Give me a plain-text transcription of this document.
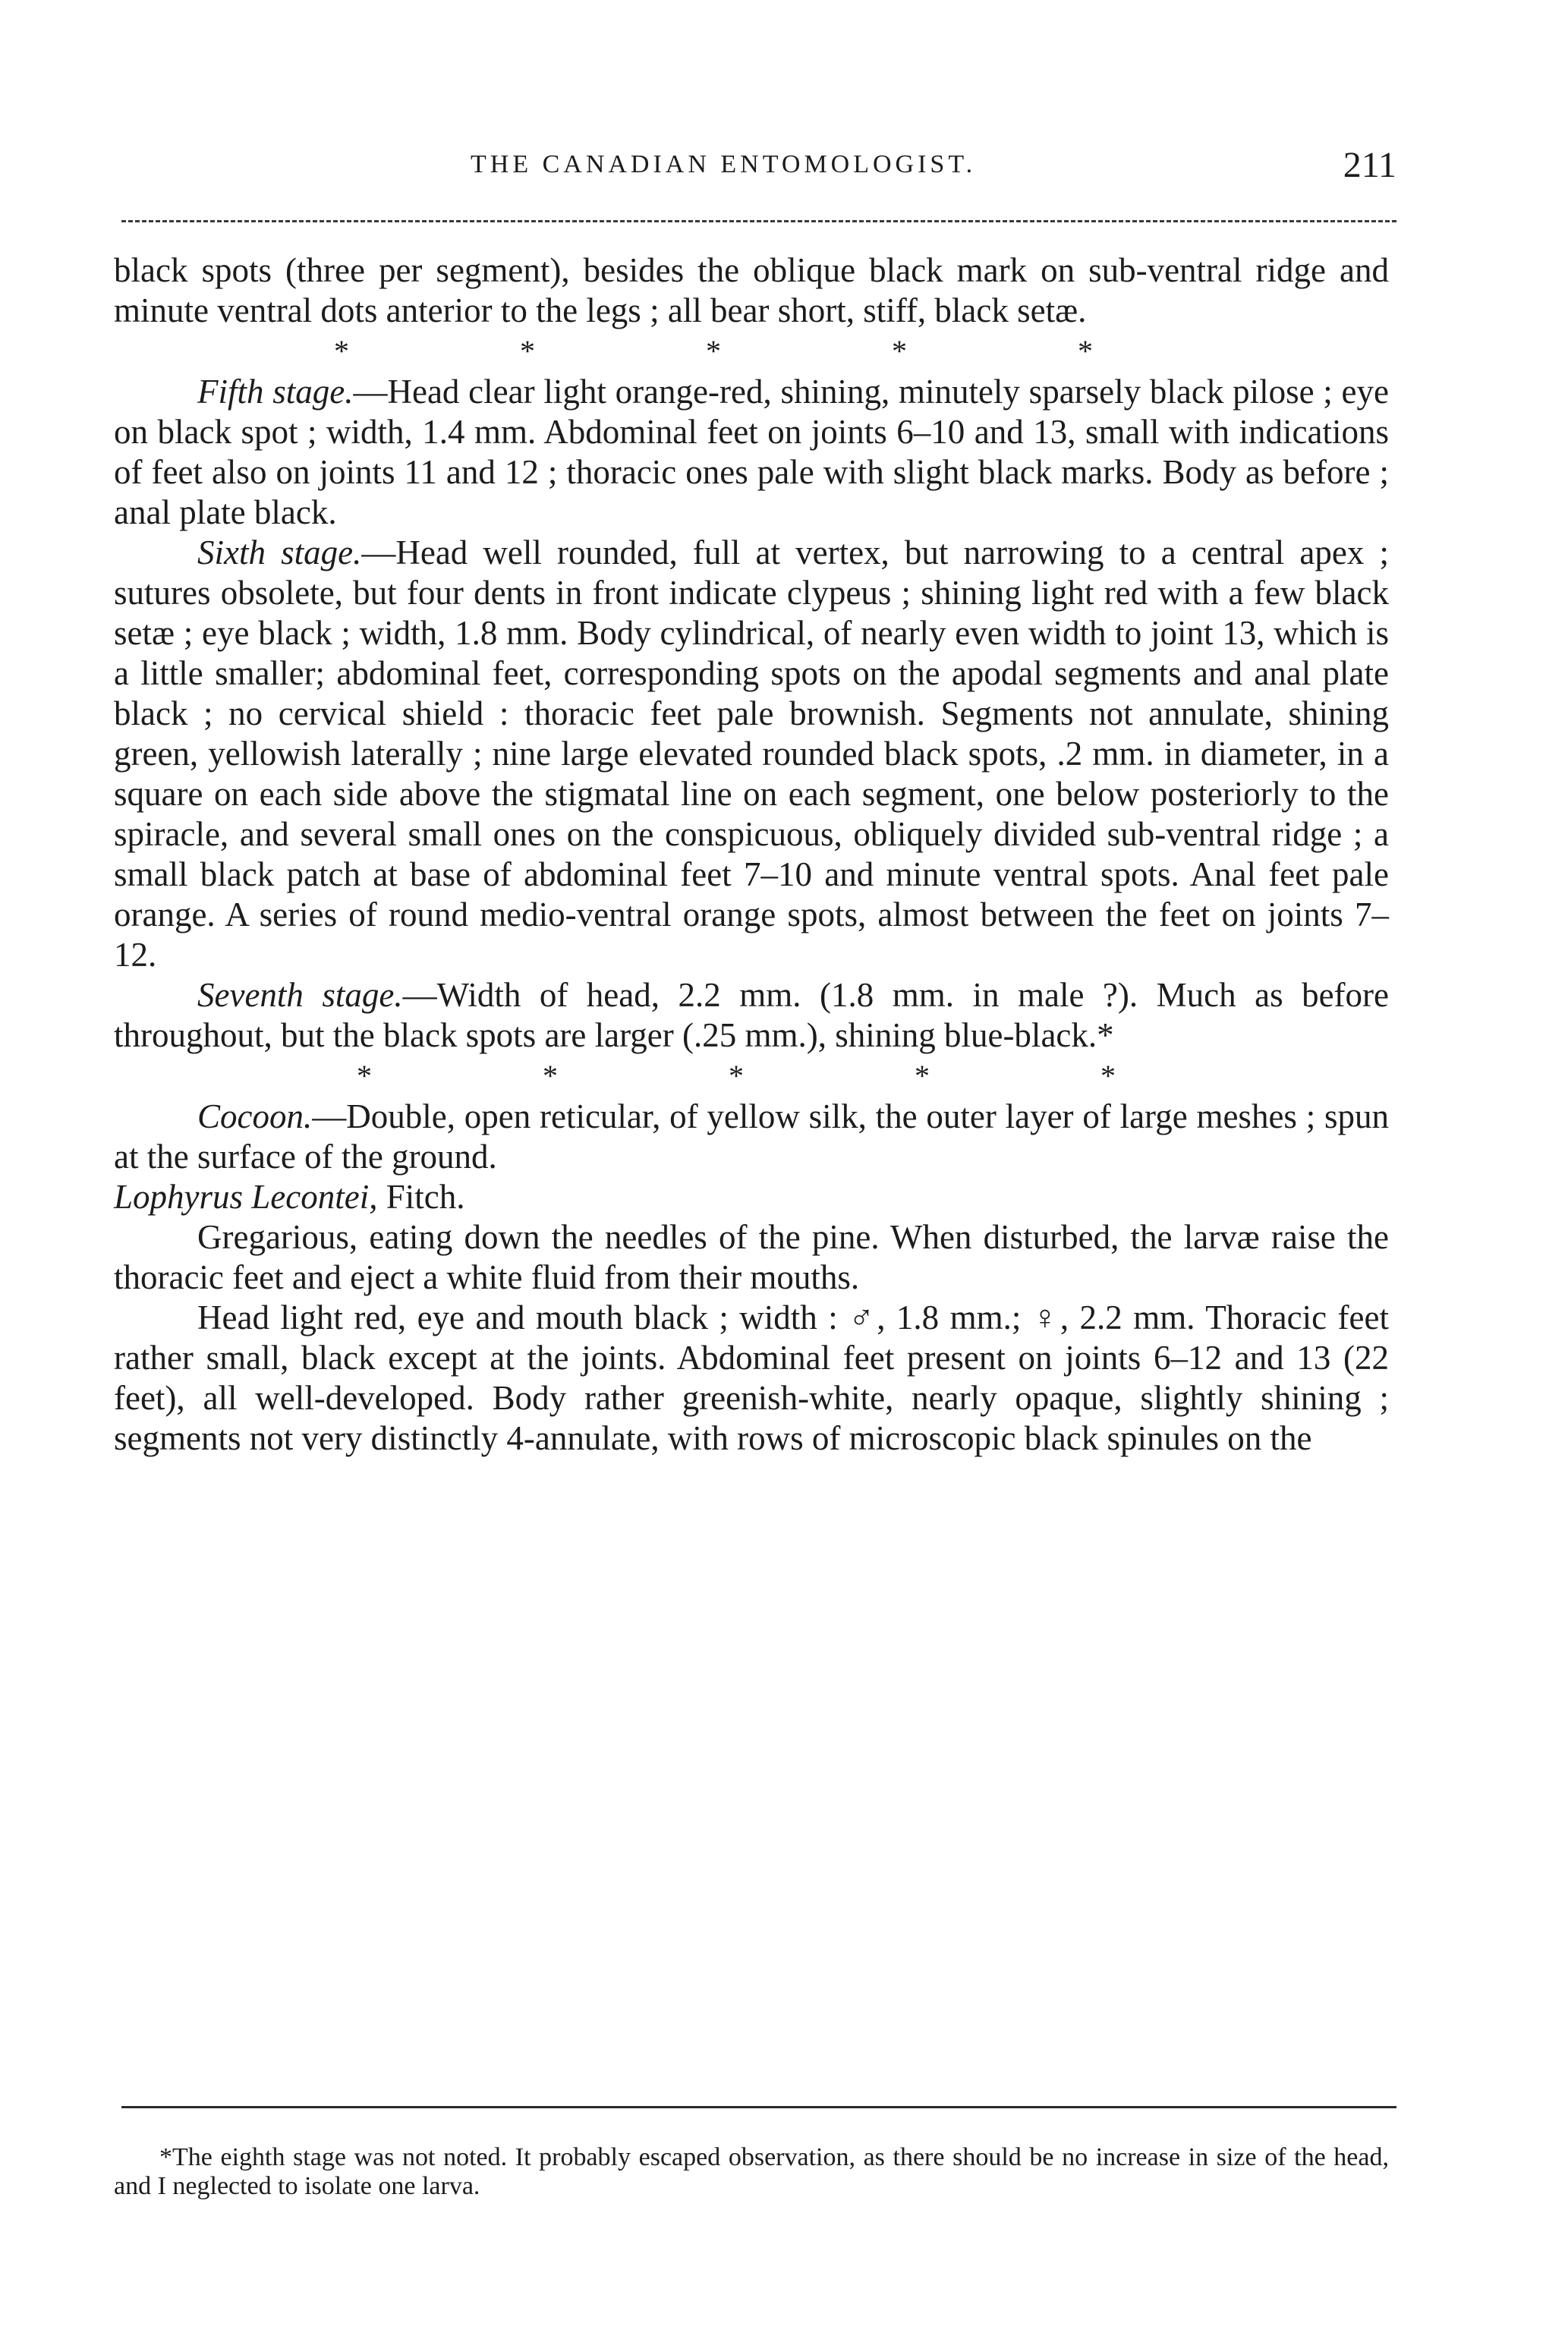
THE CANADIAN ENTOMOLOGIST.	211

black spots (three per segment), besides the oblique black mark on sub-ventral ridge and minute ventral dots anterior to the legs ; all bear short, stiff, black setæ.

*	*	*	*	*

Fifth stage.—Head clear light orange-red, shining, minutely sparsely black pilose ; eye on black spot ; width, 1.4 mm. Abdominal feet on joints 6–10 and 13, small with indications of feet also on joints 11 and 12 ; thoracic ones pale with slight black marks. Body as before ; anal plate black.

Sixth stage.—Head well rounded, full at vertex, but narrowing to a central apex ; sutures obsolete, but four dents in front indicate clypeus ; shining light red with a few black setæ ; eye black ; width, 1.8 mm. Body cylindrical, of nearly even width to joint 13, which is a little smaller; abdominal feet, corresponding spots on the apodal segments and anal plate black ; no cervical shield : thoracic feet pale brownish. Segments not annulate, shining green, yellowish laterally ; nine large elevated rounded black spots, .2 mm. in diameter, in a square on each side above the stigmatal line on each segment, one below posteriorly to the spiracle, and several small ones on the conspicuous, obliquely divided sub-ventral ridge ; a small black patch at base of abdominal feet 7–10 and minute ventral spots. Anal feet pale orange. A series of round medio-ventral orange spots, almost between the feet on joints 7–12.

Seventh stage.—Width of head, 2.2 mm. (1.8 mm. in male ?). Much as before throughout, but the black spots are larger (.25 mm.), shining blue-black.*

*	*	*	*	*

Cocoon.—Double, open reticular, of yellow silk, the outer layer of large meshes ; spun at the surface of the ground.

Lophyrus Lecontei, Fitch.

Gregarious, eating down the needles of the pine. When disturbed, the larvæ raise the thoracic feet and eject a white fluid from their mouths.

Head light red, eye and mouth black ; width : ♂, 1.8 mm.; ♀, 2.2 mm. Thoracic feet rather small, black except at the joints. Abdominal feet present on joints 6–12 and 13 (22 feet), all well-developed. Body rather greenish-white, nearly opaque, slightly shining ; segments not very distinctly 4-annulate, with rows of microscopic black spinules on the

*The eighth stage was not noted. It probably escaped observation, as there should be no increase in size of the head, and I neglected to isolate one larva.
